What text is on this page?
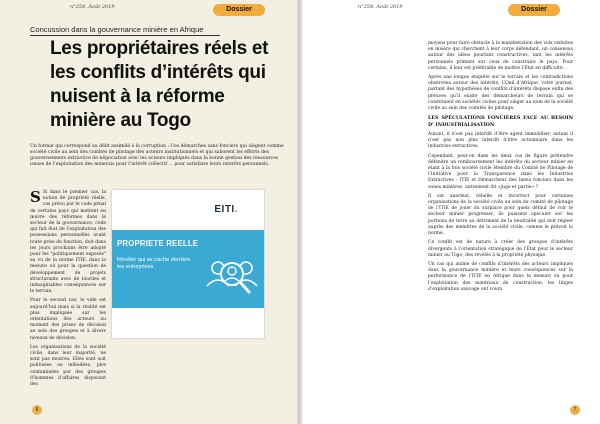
n°258. Août 2019	Dossier
Concussion dans la gouvernance minière en Afrique
Les propriétaires réels et les conflits d’intérêts qui nuisent à la réforme minière au Togo
Un format qui correspond au délit assimilé à la corruption : Ces démarches sans fonciers qui siègent comme société civile au sein des comités de pilotage des acteurs institutionnels et qui saborent les efforts des gouvernements extractive de négociation avec les acteurs impliqués dans la bonne gestion des ressources issues de l’exploitation des minerais pour l’intérêt collectif ... pour satisfaire leurs intérêts personnels.

S Si dans le premier cas, la notion de propriété réelle, cas prévu par le code pénal de certains pays qui mettent en œuvre des réformes dans le secteur de la gouvernance, code qui fait état de l’exploitation des possessions personnelles avant toute prise de fonction, doit dans les jours prochains être adopté pour les "politiquement exposés" au vu de la norme ITIE, dans la mesure où pour la question de développement de projets structurants avec de lourdes et inimaginables conséquences sur le terrain.

Pour le second cas, le vide est aujourd’hui mais si la réalité est plus impliquée sur les orientations des acteurs au moment des prises de décision au sein des groupes et à divers niveaux de décision.

Les organisations de la société civile, dans leur majorité, ne sont pas neutres. Elles sont soit politisées ou inféodées, pire contaminées par des groupes d’hommes d’affaires disposant des

EITI.
PROPRIETE REELLE
Révéler qui se cache derrière les entreprises
6
n°258. Août 2019	Dossier

moyens pour faire obstacle à la manifestation des voix réduites en misère qui cherchent à leur corps défendant, un consensus autour des idées pourtant constructives, tant les intérêts personnels priment sur ceux de construire le pays. Pour certains, il leur est préférable de mettre l’État en difficulté.

Après une longue enquête sur le terrain et les contradictions observées autour des intérêts, L’Oeil d’Afrique, votre journal, partant des hypothèses de conflits d’intérêts dispose enfin des preuves qu’il existe des démarcheurs de terrain qui se constituent en sociétés civiles pour siéger au nom de la société civile au sein des comités de pilotage.

LES SPÉCULATIONS FONCIÈRES FACE AU BESOIN D’ INDUSTRIALISATION

Autant, il n’est pas interdit d’être agent immobilier; autant il n’est pas non plus interdit d’être actionnaire dans les industries extractives.

Cependant, peut-on dans les deux cas de figure prétendre défendre un remboursement les intérêts du secteur minier en étant à la fois société civile Membre du Comité de Pilotage de l’Initiative pour la Transparence dans les Industries Extractives - ITIE et Démarcheur des biens fonciers dans les zones minières, autrement dit «juge et partie» ?

Il est anormal, rebelle et incorrect pour certaines organisations de la société civile au sein du comité de pilotage de l’ITIE de jouer du surplace pour quels défaut de voir le secteur minier progresser, ils puissent spéculer sur les portions de terre au détriment de la neutralité qui doit régner auprès des membres de la société civile, comme le prévoit la norme.

Ce conflit est de nature à créer des groupes d’intérêts divergents à l’orientation stratégique de l’État pour le secteur minier au Togo, des révélés à la propriété physique.

Un cas qui anime de conflits d’intérêts des acteurs impliqués dans la gouvernance minière et leurs conséquences sur la performance de l’ITIE en Afrique dans la mesure où pour l’exploitation des matériaux de construction, les litiges d’exploitation sauvage ont cours.

7
